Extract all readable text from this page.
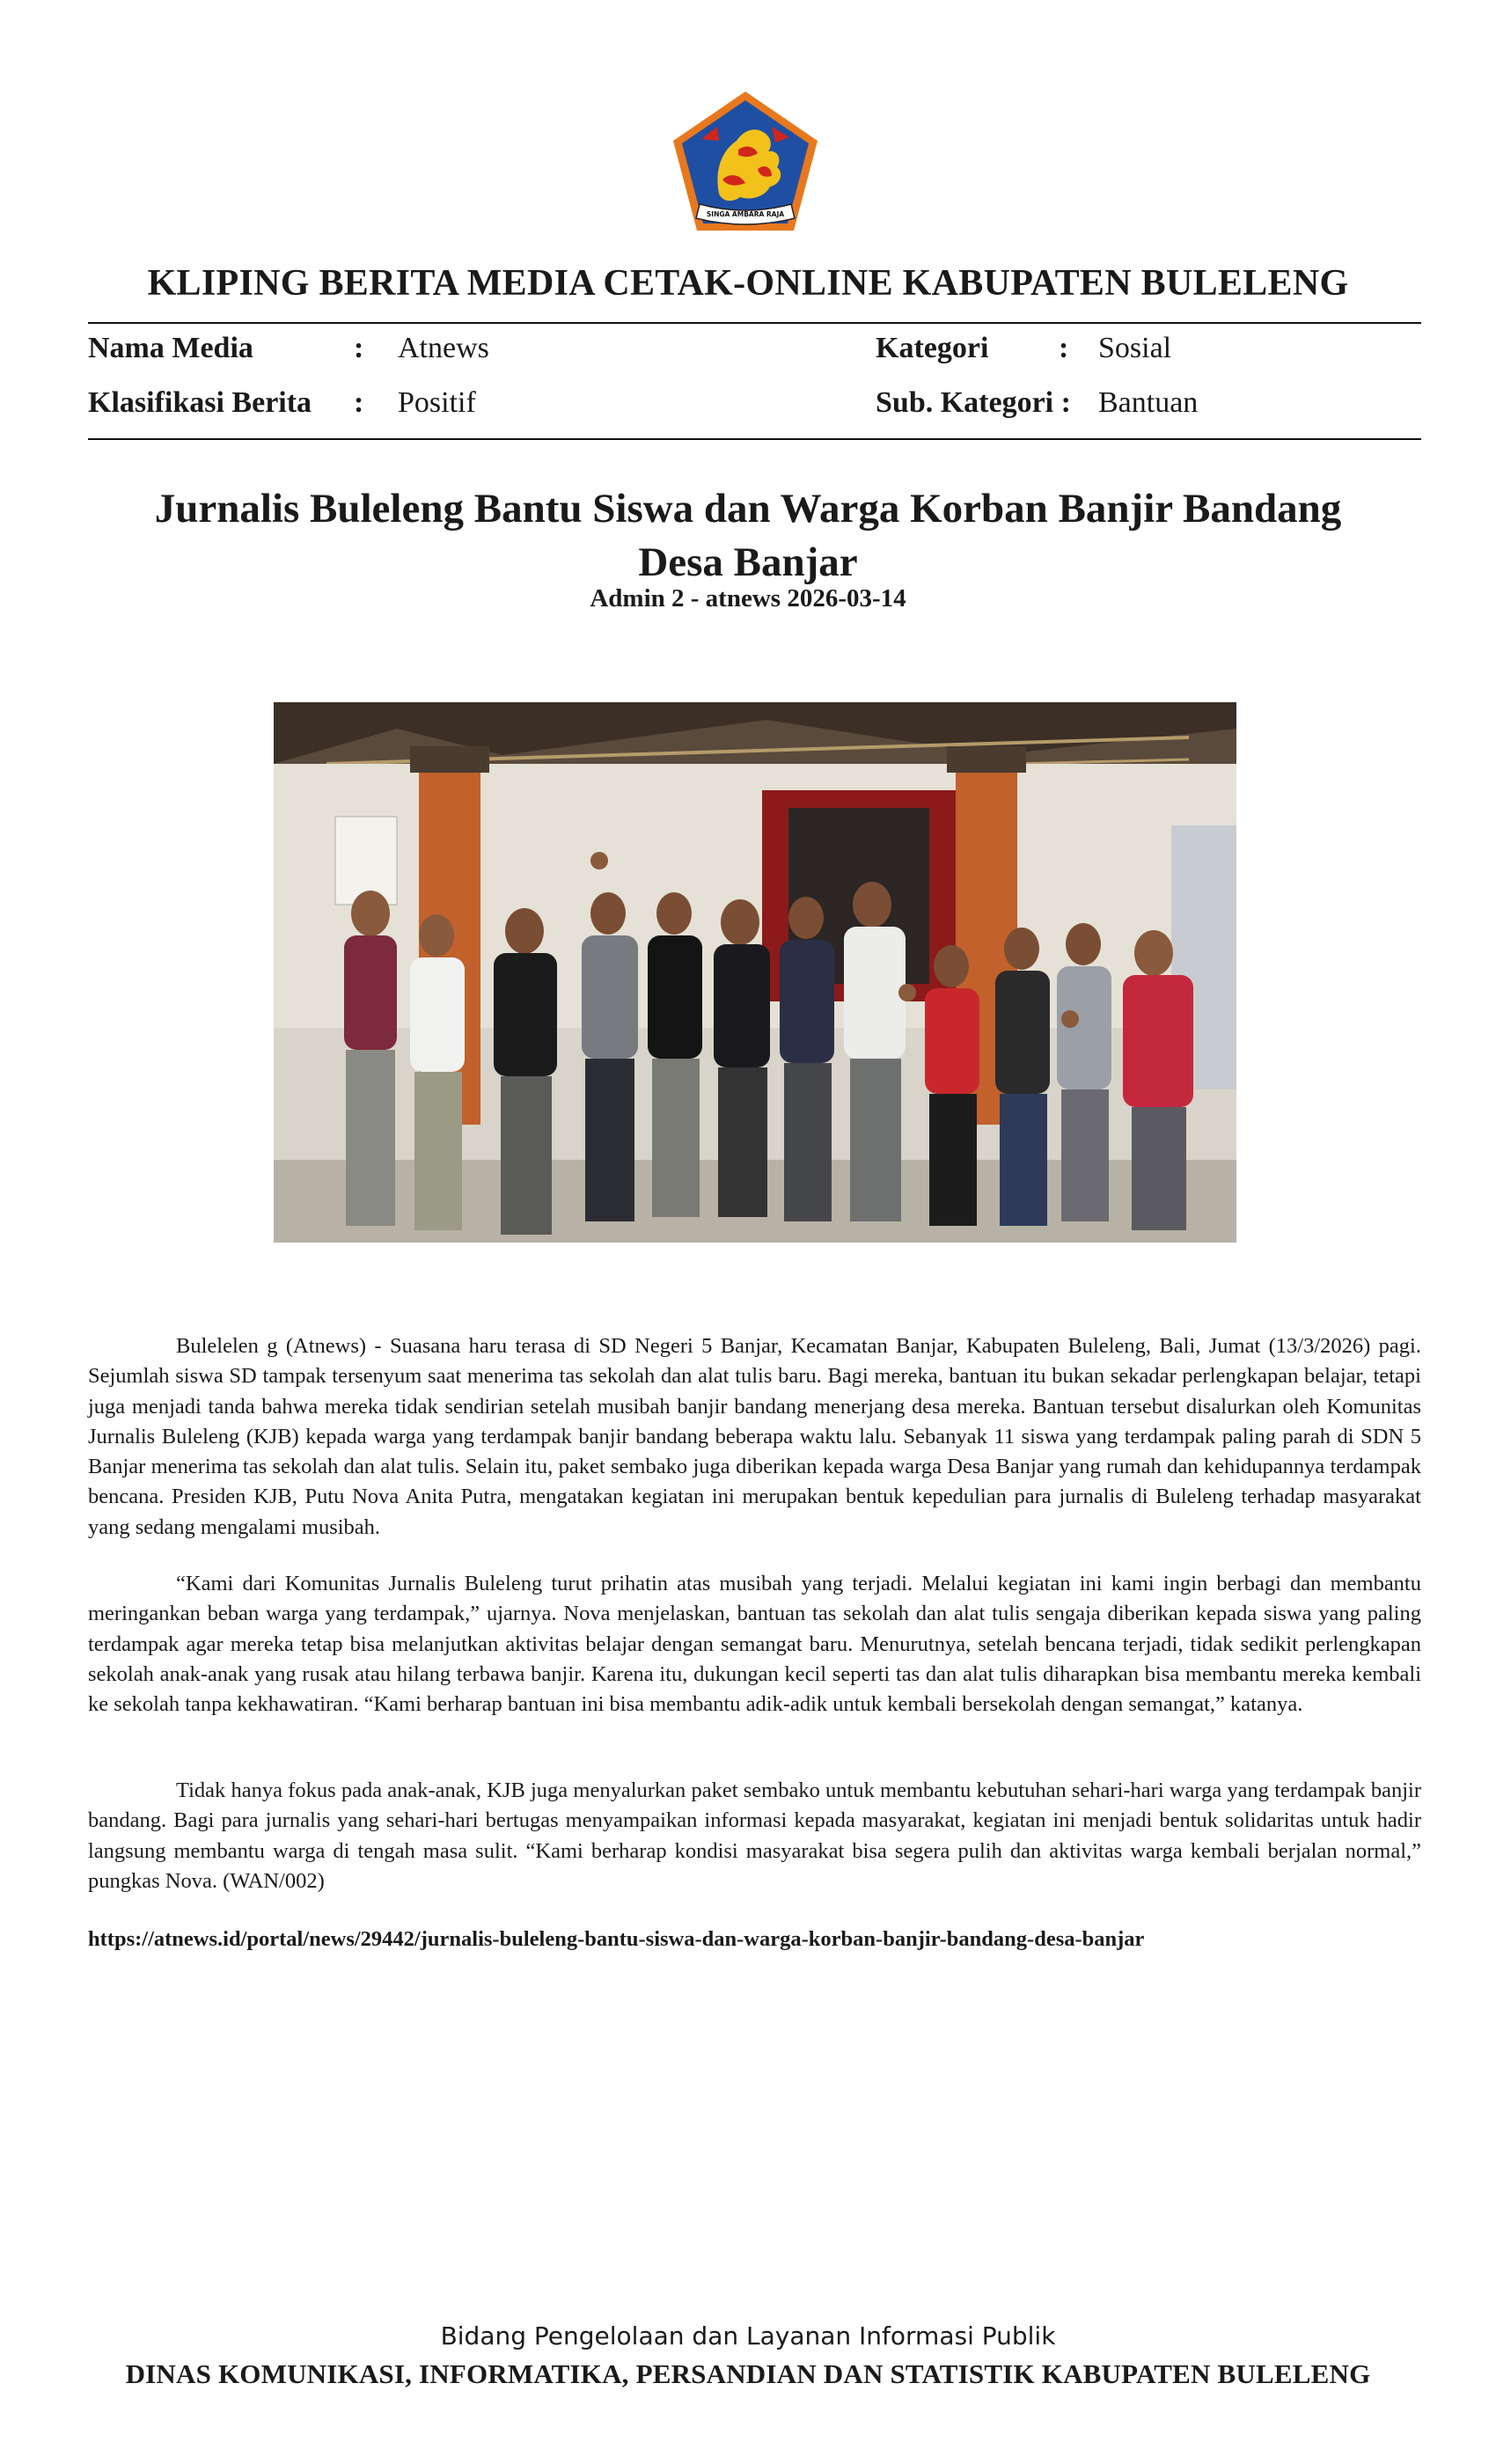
SINGA AMBARA RAJA
KLIPING BERITA MEDIA CETAK-ONLINE KABUPATEN BULELENG
Nama Media	: Atnews
Klasifikasi Berita : Positif
Kategori : Sosial
Sub. Kategori : Bantuan
Jurnalis Buleleng Bantu Siswa dan Warga Korban Banjir Bandang Desa Banjar
Admin 2 - atnews 2026-03-14
Bulelelen g (Atnews) - Suasana haru terasa di SD Negeri 5 Banjar, Kecamatan Banjar, Kabupaten Buleleng, Bali, Jumat (13/3/2026) pagi. Sejumlah siswa SD tampak tersenyum saat menerima tas sekolah dan alat tulis baru. Bagi mereka, bantuan itu bukan sekadar perlengkapan belajar, tetapi juga menjadi tanda bahwa mereka tidak sendirian setelah musibah banjir bandang menerjang desa mereka. Bantuan tersebut disalurkan oleh Komunitas Jurnalis Buleleng (KJB) kepada warga yang terdampak banjir bandang beberapa waktu lalu. Sebanyak 11 siswa yang terdampak paling parah di SDN 5 Banjar menerima tas sekolah dan alat tulis. Selain itu, paket sembako juga diberikan kepada warga Desa Banjar yang rumah dan kehidupannya terdampak bencana. Presiden KJB, Putu Nova Anita Putra, mengatakan kegiatan ini merupakan bentuk kepedulian para jurnalis di Buleleng terhadap masyarakat yang sedang mengalami musibah.
“Kami dari Komunitas Jurnalis Buleleng turut prihatin atas musibah yang terjadi. Melalui kegiatan ini kami ingin berbagi dan membantu meringankan beban warga yang terdampak,” ujarnya. Nova menjelaskan, bantuan tas sekolah dan alat tulis sengaja diberikan kepada siswa yang paling terdampak agar mereka tetap bisa melanjutkan aktivitas belajar dengan semangat baru. Menurutnya, setelah bencana terjadi, tidak sedikit perlengkapan sekolah anak-anak yang rusak atau hilang terbawa banjir. Karena itu, dukungan kecil seperti tas dan alat tulis diharapkan bisa membantu mereka kembali ke sekolah tanpa kekhawatiran. “Kami berharap bantuan ini bisa membantu adik-adik untuk kembali bersekolah dengan semangat,” katanya.
Tidak hanya fokus pada anak-anak, KJB juga menyalurkan paket sembako untuk membantu kebutuhan sehari-hari warga yang terdampak banjir bandang. Bagi para jurnalis yang sehari-hari bertugas menyampaikan informasi kepada masyarakat, kegiatan ini menjadi bentuk solidaritas untuk hadir langsung membantu warga di tengah masa sulit. “Kami berharap kondisi masyarakat bisa segera pulih dan aktivitas warga kembali berjalan normal,” pungkas Nova. (WAN/002)
https://atnews.id/portal/news/29442/jurnalis-buleleng-bantu-siswa-dan-warga-korban-banjir-bandang-desa-banjar
Bidang Pengelolaan dan Layanan Informasi Publik
DINAS KOMUNIKASI, INFORMATIKA, PERSANDIAN DAN STATISTIK KABUPATEN BULELENG
